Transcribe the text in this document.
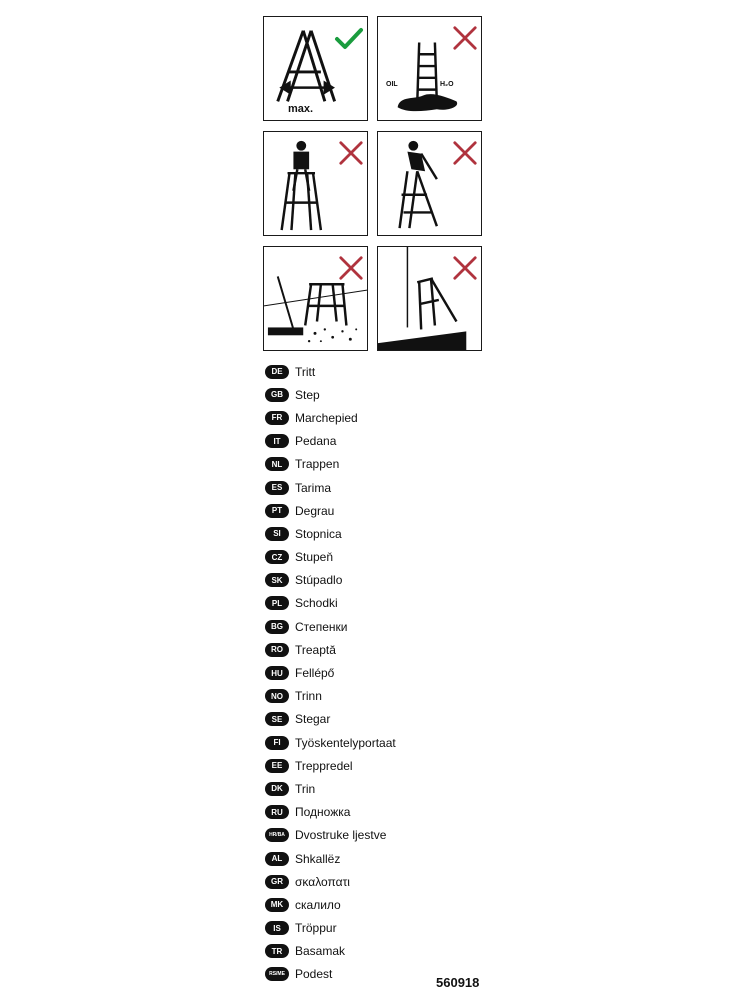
max.
OIL	H₂O
DE	Tritt
GB	Step
FR	Marchepied
IT	Pedana
NL	Trappen
ES	Tarima
PT	Degrau
SI	Stopnica
CZ	Stupeň
SK	Stúpadlo
PL	Schodki
BG	Степенки
RO	Treaptă
HU	Fellépő
NO	Trinn
SE	Stegar
FI	Työskentelyportaat
EE	Treppredel
DK	Trin
RU	Подножка
HR/BA Dvostruke ljestve
AL	Shkallëz
GR	σκαλοπατι
MK скалило
IS	Tröppur
TR	Basamak
RS/ME Podest
560918
